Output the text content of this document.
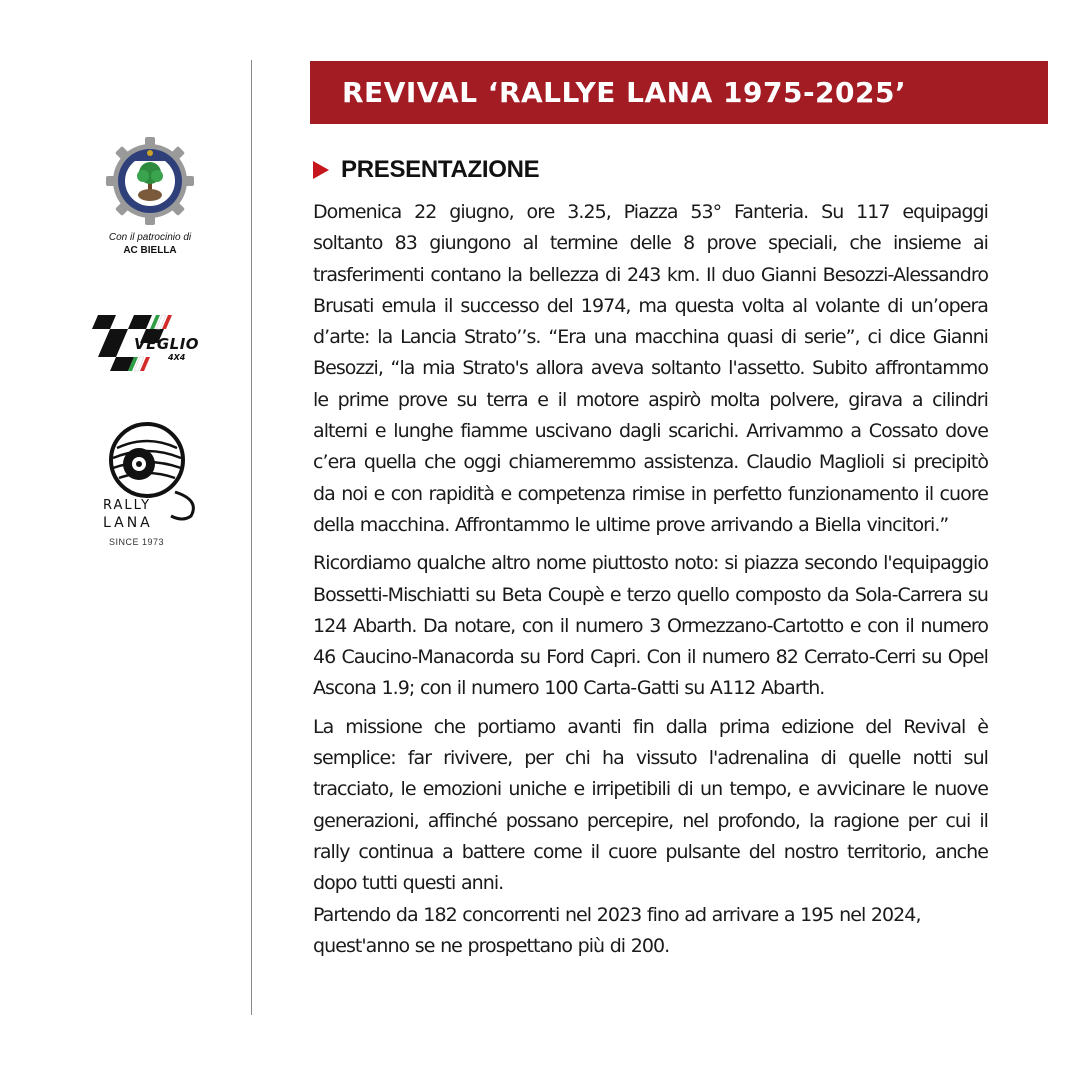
Con il patrocinio di
AC BIELLA
VEGLIO
4X4
RALLY
LANA
SINCE 1973
REVIVAL ‘RALLYE LANA 1975-2025’
PRESENTAZIONE

Domenica 22 giugno, ore 3.25, Piazza 53° Fanteria. Su 117 equipaggi soltanto 83 giungono al termine delle 8 prove speciali, che insieme ai trasferimenti contano la bellezza di 243 km. Il duo Gianni Besozzi-Alessandro Brusati emula il successo del 1974, ma questa volta al volante di un’opera d’arte: la Lancia Strato’’s. “Era una macchina quasi di serie”, ci dice Gianni Besozzi, “la mia Strato's allora aveva soltanto l'assetto. Subito affrontammo le prime prove su terra e il motore aspirò molta polvere, girava a cilindri alterni e lunghe fiamme uscivano dagli scarichi. Arrivammo a Cossato dove c’era quella che oggi chiameremmo assistenza. Claudio Maglioli si precipitò da noi e con rapidità e competenza rimise in perfetto funzionamento il cuore della macchina. Affrontammo le ultime prove arrivando a Biella vincitori.”

Ricordiamo qualche altro nome piuttosto noto: si piazza secondo l'equipaggio Bossetti-Mischiatti su Beta Coupè e terzo quello composto da Sola-Carrera su 124 Abarth. Da notare, con il numero 3 Ormezzano-Cartotto e con il numero 46 Caucino-Manacorda su Ford Capri. Con il numero 82 Cerrato-Cerri su Opel Ascona 1.9; con il numero 100 Carta-Gatti su A112 Abarth.

La missione che portiamo avanti fin dalla prima edizione del Revival è semplice: far rivivere, per chi ha vissuto l'adrenalina di quelle notti sul tracciato, le emozioni uniche e irripetibili di un tempo, e avvicinare le nuove generazioni, affinché possano percepire, nel profondo, la ragione per cui il rally continua a battere come il cuore pulsante del nostro territorio, anche dopo tutti questi anni.

Partendo da 182 concorrenti nel 2023 fino ad arrivare a 195 nel 2024, quest'anno se ne prospettano più di 200.
